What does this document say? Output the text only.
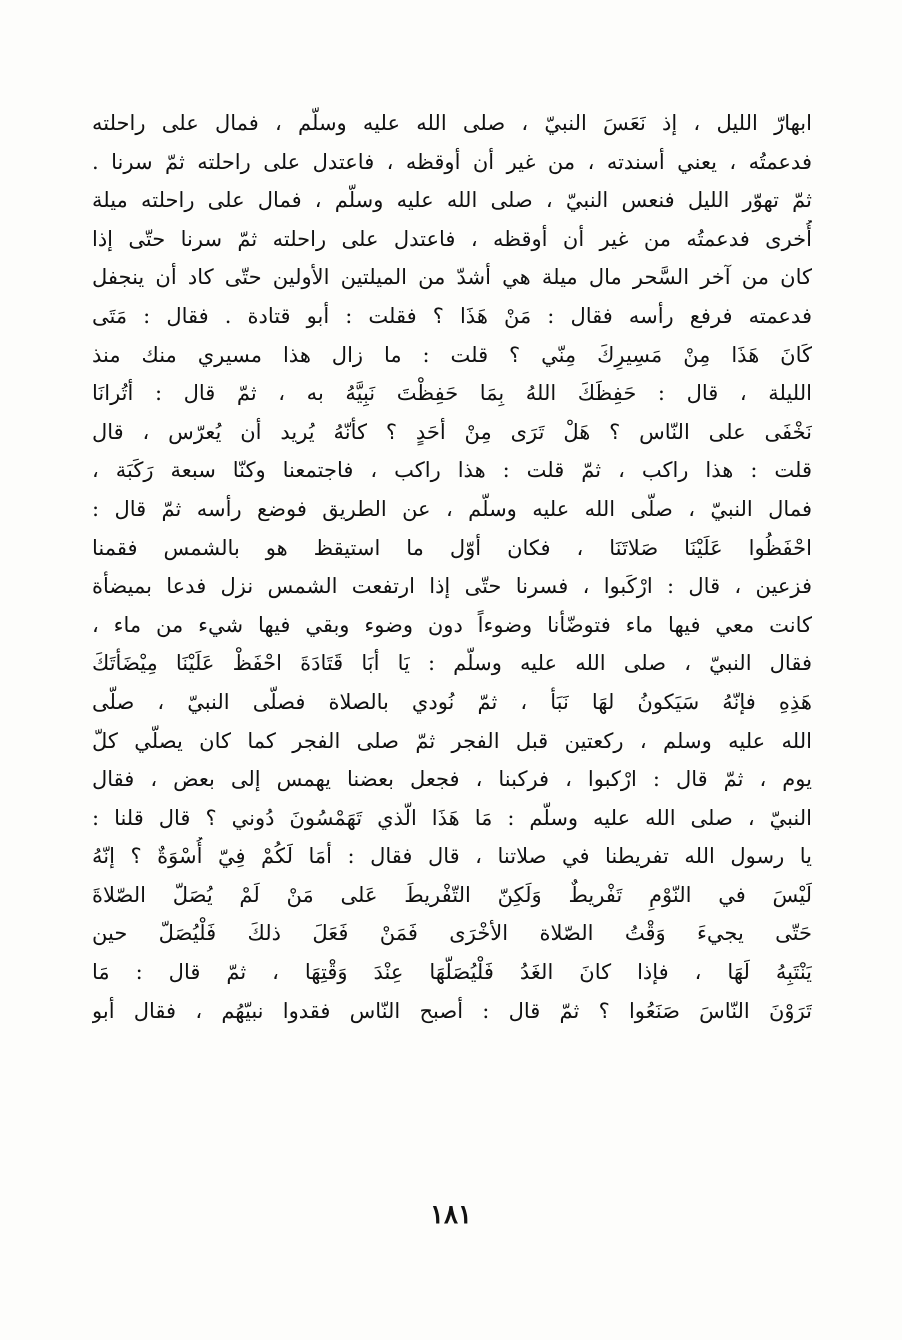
ابهارّ الليل ، إذ نَعَسَ النبيّ ، صلى الله عليه وسلّم ، فمال على راحلته
فدعمتُه ، يعني أسندته ، من غير أن أوقظه ، فاعتدل على راحلته ثمّ سرنا .
ثمّ تهوّر الليل فنعس النبيّ ، صلى الله عليه وسلّم ، فمال على راحلته ميلة
أُخرى فدعمتُه من غير أن أوقظه ، فاعتدل على راحلته ثمّ سرنا حتّى إذا
كان من آخر السَّحر مال ميلة هي أشدّ من الميلتين الأولين حتّى كاد أن ينجفل
فدعمته فرفع رأسه فقال : مَنْ هَذَا ؟ فقلت : أبو قتادة . فقال : مَتَى
كَانَ هَذَا مِنْ مَسِيرِكَ مِنّي ؟ قلت : ما زال هذا مسيري منك منذ
الليلة ، قال : حَفِظَكَ اللهُ بِمَا حَفِظْتَ نَبِيَّهُ به ، ثمّ قال : أتُرانَا
نَخْفَى على النّاس ؟ هَلْ تَرَى مِنْ أحَدٍ ؟ كأنّهُ يُريد أن يُعرّس ، قال
قلت : هذا راكب ، ثمّ قلت : هذا راكب ، فاجتمعنا وكنّا سبعة رَكَبَة ،
فمال النبيّ ، صلّى الله عليه وسلّم ، عن الطريق فوضع رأسه ثمّ قال :
احْفَظُوا عَلَيْنَا صَلاتَنَا ، فكان أوّل ما استيقظ هو بالشمس فقمنا
فزعين ، قال : ارْكَبوا ، فسرنا حتّى إذا ارتفعت الشمس نزل فدعا بميضأة
كانت معي فيها ماء فتوضّأنا وضوءاً دون وضوء وبقي فيها شيء من ماء ،
فقال النبيّ ، صلى الله عليه وسلّم : يَا أبَا قَتَادَةَ احْفَظْ عَلَيْنَا مِيْضَأتَكَ
هَذِهِ فإنّهُ سَيَكونُ لهَا نَبَأ ، ثمّ نُودي بالصلاة فصلّى النبيّ ، صلّى
الله عليه وسلم ، ركعتين قبل الفجر ثمّ صلى الفجر كما كان يصلّي كلّ
يوم ، ثمّ قال : ارْكبوا ، فركبنا ، فجعل بعضنا يهمس إلى بعض ، فقال
النبيّ ، صلى الله عليه وسلّم : مَا هَذَا الّذي تَهَمْسُونَ دُوني ؟ قال قلنا :
يا رسول الله تفريطنا في صلاتنا ، قال فقال : أمَا لَكُمْ فِيّ أُسْوَةٌ ؟ إنّهُ
لَيْسَ في النّوْمِ تَفْريطٌ وَلَكِنّ التّفْريطَ عَلى مَنْ لَمْ يُصَلّ الصّلاةَ
حَتّى يجيءَ وَقْتُ الصّلاة الأخْرَى فَمَنْ فَعَلَ ذلكَ فَلْيُصَلّ حين
يَنْتَبِهُ لَهَا ، فإذا كانَ الغَدُ فَلْيُصَلّهَا عِنْدَ وَقْتِهَا ، ثمّ قال : مَا
تَرَوْنَ النّاسَ صَنَعُوا ؟ ثمّ قال : أصبح النّاس فقدوا نبيّهُم ، فقال أبو
١٨١
